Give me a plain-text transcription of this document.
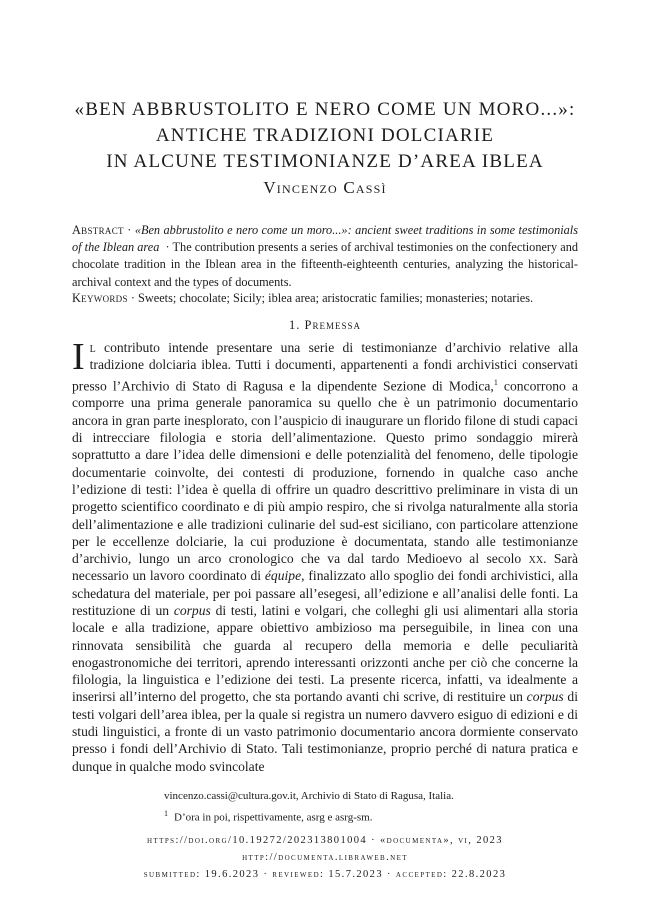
«BEN ABBRUSTOLITO E NERO COME UN MORO...»:
ANTICHE TRADIZIONI DOLCIARIE
IN ALCUNE TESTIMONIANZE D’AREA IBLEA
Vincenzo Cassì
Abstract · «Ben abbrustolito e nero come un moro...»: ancient sweet traditions in some testimonials of the Iblean area · The contribution presents a series of archival testimonies on the confectionery and chocolate tradition in the Iblean area in the fifteenth-eighteenth centuries, analyzing the historical-archival context and the types of documents.
Keywords · Sweets; chocolate; Sicily; iblea area; aristocratic families; monasteries; notaries.
1. Premessa
Il contributo intende presentare una serie di testimonianze d’archivio relative alla tradizione dolciaria iblea. Tutti i documenti, appartenenti a fondi archivistici conservati presso l’Archivio di Stato di Ragusa e la dipendente Sezione di Modica,$^1$ concorrono a comporre una prima generale panoramica su quello che è un patrimonio documentario ancora in gran parte inesplorato, con l’auspicio di inaugurare un florido filone di studi capaci di intrecciare filologia e storia dell’alimentazione. Questo primo sondaggio mirerà soprattutto a dare l’idea delle dimensioni e delle potenzialità del fenomeno, delle tipologie documentarie coinvolte, dei contesti di produzione, fornendo in qualche caso anche l’edizione di testi: l’idea è quella di offrire un quadro descrittivo preliminare in vista di un progetto scientifico coordinato e di più ampio respiro, che si rivolga naturalmente alla storia dell’alimentazione e alle tradizioni culinarie del sud-est siciliano, con particolare attenzione per le eccellenze dolciarie, la cui produzione è documentata, stando alle testimonianze d’archivio, lungo un arco cronologico che va dal tardo Medioevo al secolo xx. Sarà necessario un lavoro coordinato di équipe, finalizzato allo spoglio dei fondi archivistici, alla schedatura del materiale, per poi passare all’esegesi, all’edizione e all’analisi delle fonti. La restituzione di un corpus di testi, latini e volgari, che colleghi gli usi alimentari alla storia locale e alla tradizione, appare obiettivo ambizioso ma perseguibile, in linea con una rinnovata sensibilità che guarda al recupero della memoria e delle peculiarità enogastronomiche dei territori, aprendo interessanti orizzonti anche per ciò che concerne la filologia, la linguistica e l’edizione dei testi. La presente ricerca, infatti, va idealmente a inserirsi all’interno del progetto, che sta portando avanti chi scrive, di restituire un corpus di testi volgari dell’area iblea, per la quale si registra un numero davvero esiguo di edizioni e di studi linguistici, a fronte di un vasto patrimonio documentario ancora dormiente conservato presso i fondi dell’Archivio di Stato. Tali testimonianze, proprio perché di natura pratica e dunque in qualche modo svincolate
vincenzo.cassi@cultura.gov.it, Archivio di Stato di Ragusa, Italia.
$^1$ D’ora in poi, rispettivamente, asrg e asrg-sm.
https://doi.org/10.19272/202313801004 · «documenta», vi, 2023
http://documenta.libraweb.net
submitted: 19.6.2023 · reviewed: 15.7.2023 · accepted: 22.8.2023
